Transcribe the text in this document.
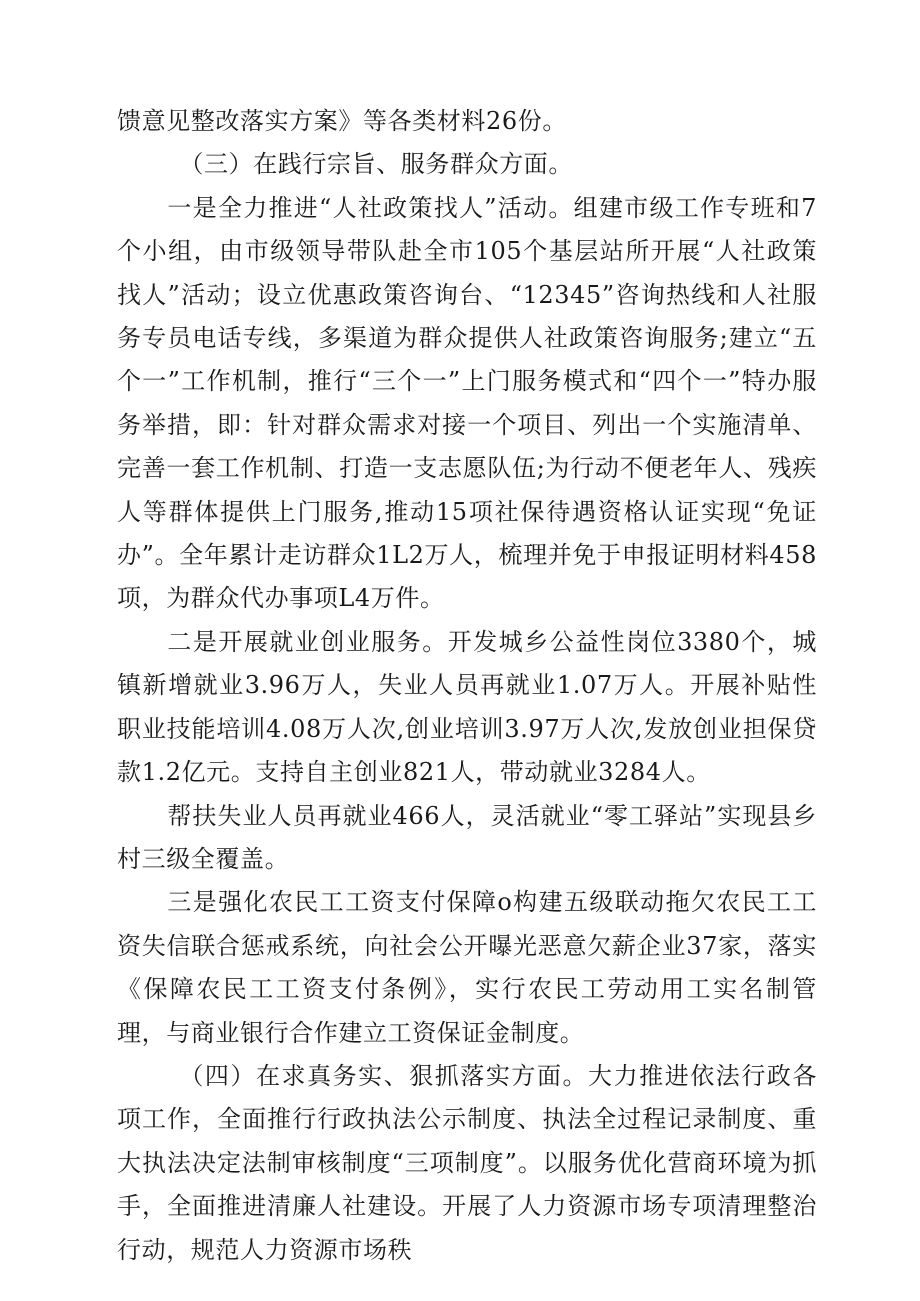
馈意见整改落实方案》等各类材料26份。

（三）在践行宗旨、服务群众方面。

一是全力推进“人社政策找人”活动。组建市级工作专班和7个小组，由市级领导带队赴全市105个基层站所开展“人社政策找人”活动；设立优惠政策咨询台、“12345”咨询热线和人社服务专员电话专线，多渠道为群众提供人社政策咨询服务;建立“五个一”工作机制，推行“三个一”上门服务模式和“四个一”特办服务举措，即：针对群众需求对接一个项目、列出一个实施清单、完善一套工作机制、打造一支志愿队伍;为行动不便老年人、残疾人等群体提供上门服务,推动15项社保待遇资格认证实现“免证办”。全年累计走访群众1L2万人，梳理并免于申报证明材料458项，为群众代办事项L4万件。

二是开展就业创业服务。开发城乡公益性岗位3380个，城镇新增就业3.96万人，失业人员再就业1.07万人。开展补贴性职业技能培训4.08万人次,创业培训3.97万人次,发放创业担保贷款1.2亿元。支持自主创业821人，带动就业3284人。

帮扶失业人员再就业466人，灵活就业“零工驿站”实现县乡村三级全覆盖。

三是强化农民工工资支付保障o构建五级联动拖欠农民工工资失信联合惩戒系统，向社会公开曝光恶意欠薪企业37家，落实《保障农民工工资支付条例》，实行农民工劳动用工实名制管理，与商业银行合作建立工资保证金制度。

（四）在求真务实、狠抓落实方面。大力推进依法行政各项工作，全面推行行政执法公示制度、执法全过程记录制度、重大执法决定法制审核制度“三项制度”。以服务优化营商环境为抓手，全面推进清廉人社建设。开展了人力资源市场专项清理整治行动，规范人力资源市场秩
